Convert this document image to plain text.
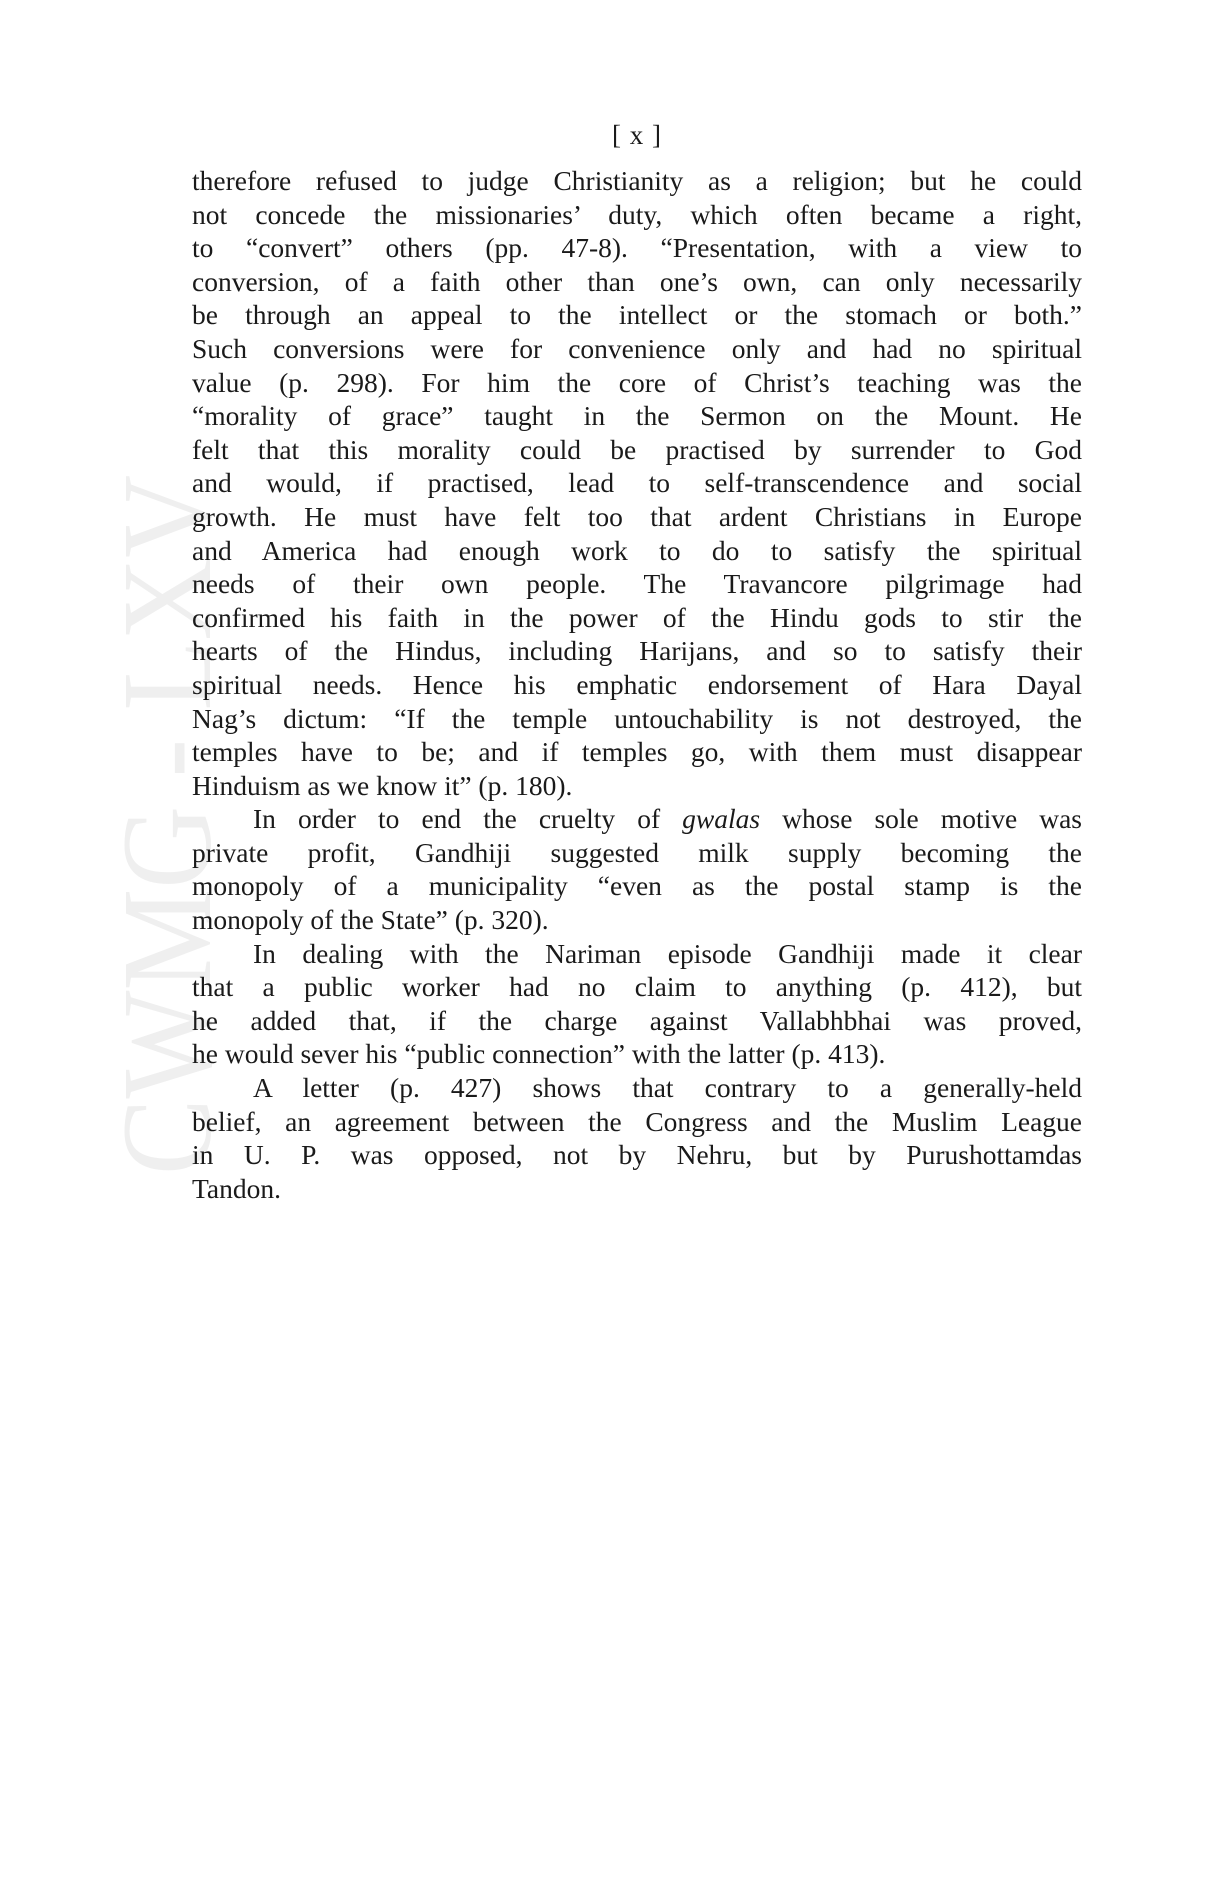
CWMG - LXV
[ x ]

therefore refused to judge Christianity as a religion; but he could
not concede the missionaries’ duty, which often became a right,
to “convert” others (pp. 47-8). “Presentation, with a view to
conversion, of a faith other than one’s own, can only necessarily
be through an appeal to the intellect or the stomach or both.”
Such conversions were for convenience only and had no spiritual
value (p. 298). For him the core of Christ’s teaching was the
“morality of grace” taught in the Sermon on the Mount. He
felt that this morality could be practised by surrender to God
and would, if practised, lead to self-transcendence and social
growth. He must have felt too that ardent Christians in Europe
and America had enough work to do to satisfy the spiritual
needs of their own people. The Travancore pilgrimage had
confirmed his faith in the power of the Hindu gods to stir the
hearts of the Hindus, including Harijans, and so to satisfy their
spiritual needs. Hence his emphatic endorsement of Hara Dayal
Nag’s dictum: “If the temple untouchability is not destroyed, the
temples have to be; and if temples go, with them must disappear
Hinduism as we know it” (p. 180).

In order to end the cruelty of gwalas whose sole motive was
private profit, Gandhiji suggested milk supply becoming the
monopoly of a municipality “even as the postal stamp is the
monopoly of the State” (p. 320).

In dealing with the Nariman episode Gandhiji made it clear
that a public worker had no claim to anything (p. 412), but
he added that, if the charge against Vallabhbhai was proved,
he would sever his “public connection” with the latter (p. 413).

A letter (p. 427) shows that contrary to a generally-held
belief, an agreement between the Congress and the Muslim League
in U. P. was opposed, not by Nehru, but by Purushottamdas
Tandon.
